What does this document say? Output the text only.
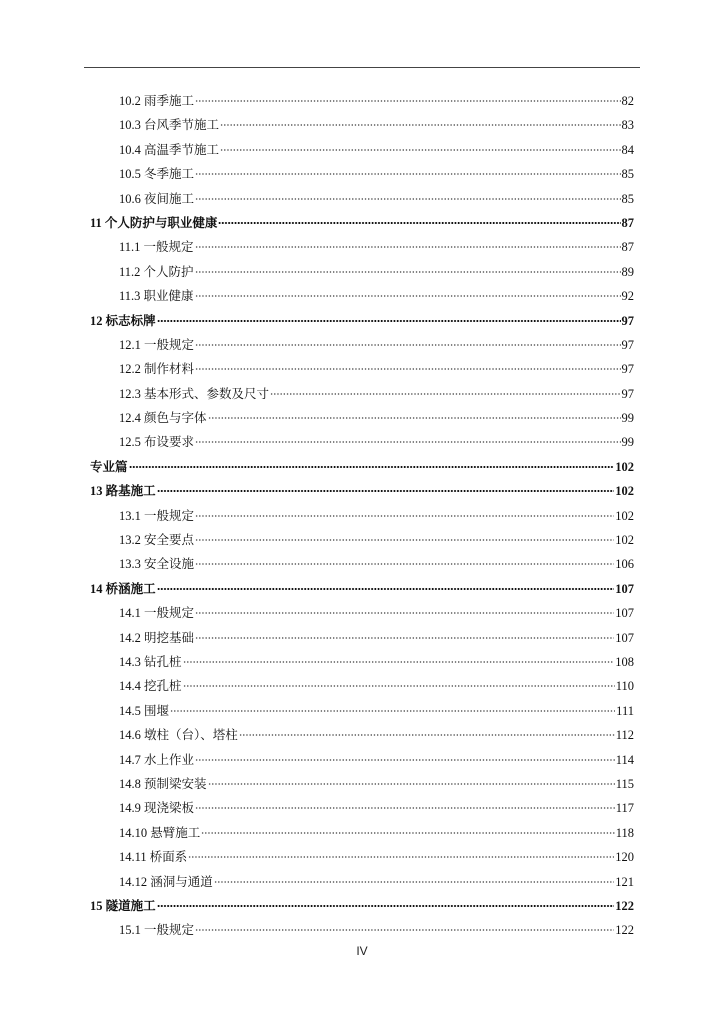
10.2 雨季施工	82
10.3 台风季节施工	83
10.4 高温季节施工	84
10.5 冬季施工	85
10.6 夜间施工	85
11 个人防护与职业健康	87
11.1 一般规定	87
11.2 个人防护	89
11.3 职业健康	92
12 标志标牌	97
12.1 一般规定	97
12.2 制作材料	97
12.3 基本形式、参数及尺寸	97
12.4 颜色与字体	99
12.5 布设要求	99
专业篇	102
13 路基施工	102
13.1 一般规定	102
13.2 安全要点	102
13.3 安全设施	106
14 桥涵施工	107
14.1 一般规定	107
14.2 明挖基础	107
14.3 钻孔桩	108
14.4 挖孔桩	110
14.5 围堰	111
14.6 墩柱（台）、塔柱	112
14.7 水上作业	114
14.8 预制梁安装	115
14.9 现浇梁板	117
14.10 悬臂施工	118
14.11 桥面系	120
14.12 涵洞与通道	121
15 隧道施工	122
15.1 一般规定	122
IV
